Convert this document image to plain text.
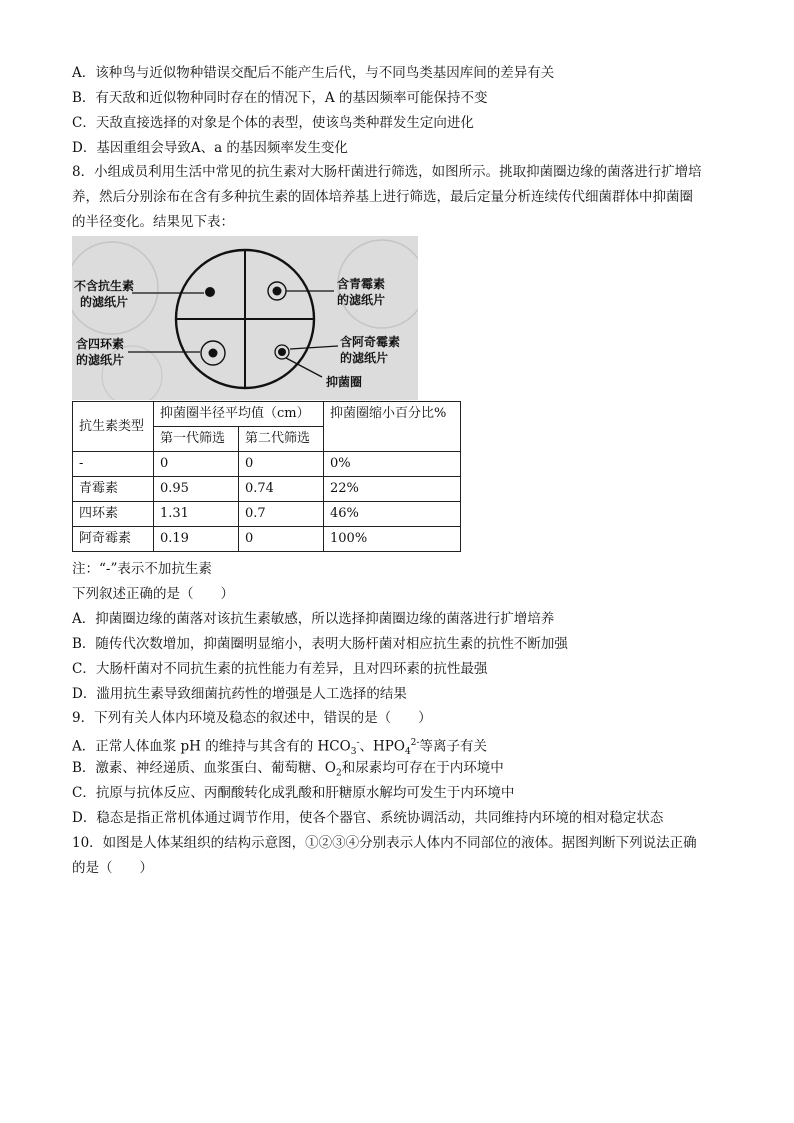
A．该种鸟与近似物种错误交配后不能产生后代，与不同鸟类基因库间的差异有关
B．有天敌和近似物种同时存在的情况下，A 的基因频率可能保持不变
C．天敌直接选择的对象是个体的表型，使该鸟类种群发生定向进化
D．基因重组会导致A、a 的基因频率发生变化
8．小组成员利用生活中常见的抗生素对大肠杆菌进行筛选，如图所示。挑取抑菌圈边缘的菌落进行扩增培
养，然后分别涂布在含有多种抗生素的固体培养基上进行筛选，最后定量分析连续传代细菌群体中抑菌圈
的半径变化。结果见下表：
不含抗生素
的滤纸片
含青霉素
的滤纸片
含四环素
的滤纸片
含阿奇霉素
的滤纸片
抑菌圈
抗生素类型	抑菌圈半径平均值（cm）		抑菌圈缩小百分比%
	第一代筛选	第二代筛选	
-	0	0	0%
青霉素	0.95	0.74	22%
四环素	1.31	0.7	46%
阿奇霉素	0.19	0	100%
注：“-”表示不加抗生素
下列叙述正确的是（　　）
A．抑菌圈边缘的菌落对该抗生素敏感，所以选择抑菌圈边缘的菌落进行扩增培养
B．随传代次数增加，抑菌圈明显缩小，表明大肠杆菌对相应抗生素的抗性不断加强
C．大肠杆菌对不同抗生素的抗性能力有差异，且对四环素的抗性最强
D．滥用抗生素导致细菌抗药性的增强是人工选择的结果
9．下列有关人体内环境及稳态的叙述中，错误的是（　　）
A．正常人体血浆 pH 的维持与其含有的 $HCO_3^-$、$HPO_4^{2-}$等离子有关
B．激素、神经递质、血浆蛋白、葡萄糖、$O_2$和尿素均可存在于内环境中
C．抗原与抗体反应、丙酮酸转化成乳酸和肝糖原水解均可发生于内环境中
D．稳态是指正常机体通过调节作用，使各个器官、系统协调活动，共同维持内环境的相对稳定状态
10．如图是人体某组织的结构示意图，①②③④分别表示人体内不同部位的液体。据图判断下列说法正确
的是（　　）
